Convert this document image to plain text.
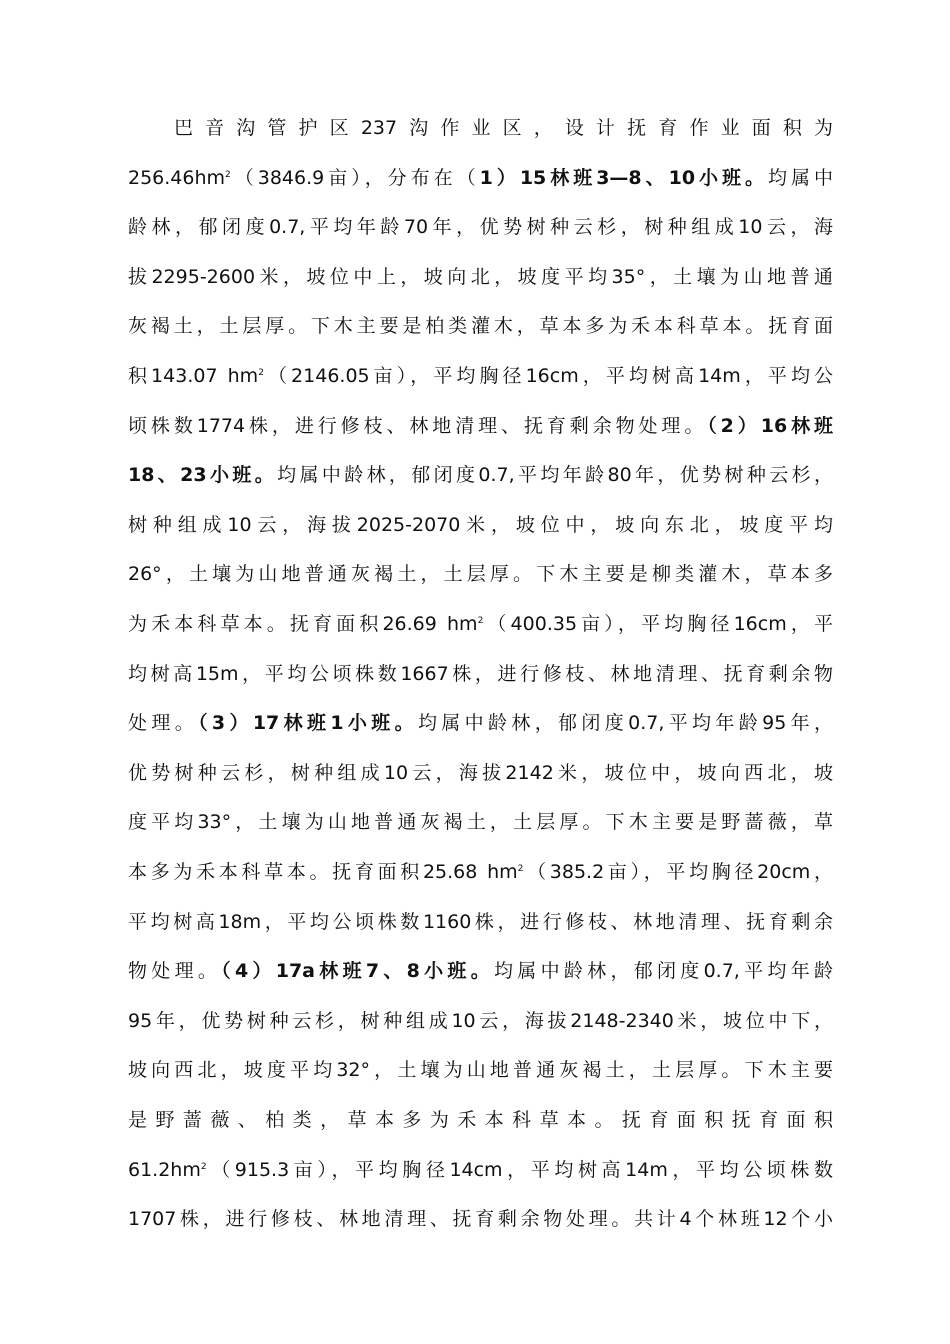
巴音沟管护区237沟作业区，设计抚育作业面积为
$256.46hm^2(3846.9$亩），分布在（1）15林班3—8、10小班。均属中
龄林，郁闭度0.7,平均年龄70年，优势树种云杉，树种组成10云，海
拔2295-2600米，坡位中上，坡向北，坡度平均35°，土壤为山地普通
灰褐土，土层厚。下木主要是柏类灌木，草本多为禾本科草本。抚育面
积143.07 $hm^2(2146.05$亩），平均胸径16cm，平均树高14m，平均公
顷株数1774株，进行修枝、林地清理、抚育剩余物处理。（2）16林班
18、23小班。均属中龄林，郁闭度0.7,平均年龄80年，优势树种云杉，
树种组成10云，海拔2025-2070米，坡位中，坡向东北，坡度平均
26°，土壤为山地普通灰褐土，土层厚。下木主要是柳类灌木，草本多
为禾本科草本。抚育面积26.69 $hm^2(400.35$亩），平均胸径16cm，平
均树高15m，平均公顷株数1667株，进行修枝、林地清理、抚育剩余物
处理。（3）17林班1小班。均属中龄林，郁闭度0.7,平均年龄95年，
优势树种云杉，树种组成10云，海拔2142米，坡位中，坡向西北，坡
度平均33°，土壤为山地普通灰褐土，土层厚。下木主要是野蔷薇，草
本多为禾本科草本。抚育面积25.68 $hm^2(385.2$亩），平均胸径20cm，
平均树高18m，平均公顷株数1160株，进行修枝、林地清理、抚育剩余
物处理。（4）17a林班7、8小班。均属中龄林，郁闭度0.7,平均年龄
95年，优势树种云杉，树种组成10云，海拔2148-2340米，坡位中下，
坡向西北，坡度平均32°，土壤为山地普通灰褐土，土层厚。下木主要
是野蔷薇、柏类，草本多为禾本科草本。抚育面积抚育面积
$61.2hm^2(915.3$亩），平均胸径14cm，平均树高14m，平均公顷株数
1707株，进行修枝、林地清理、抚育剩余物处理。共计4个林班12个小
